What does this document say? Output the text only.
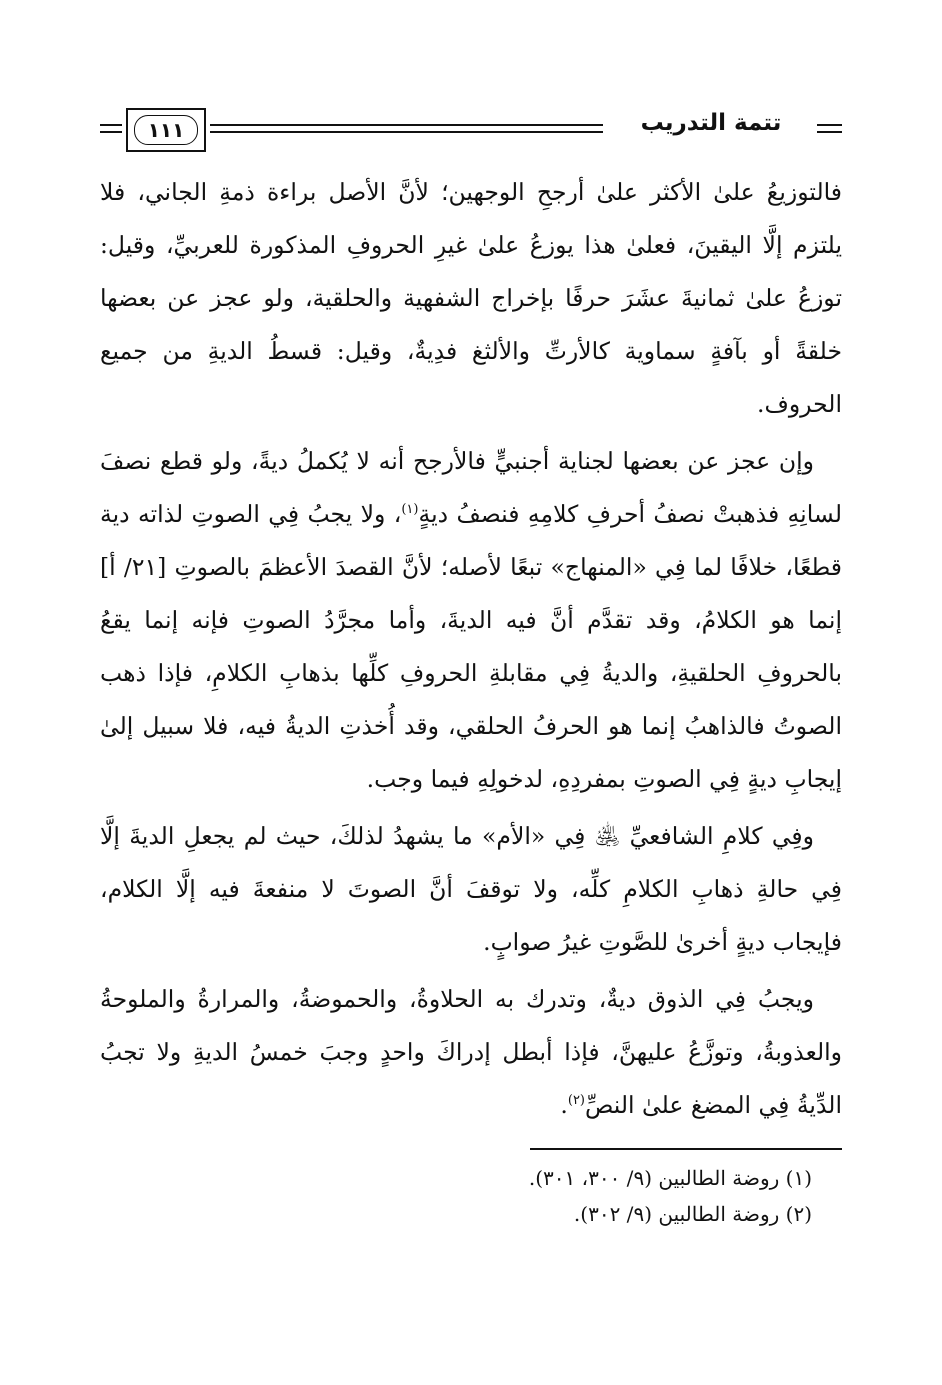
١١١	تتمة التدريب

فالتوزيعُ علىٰ الأكثر علىٰ أرجحِ الوجهين؛ لأنَّ الأصل براءة ذمةِ الجاني، فلا يلتزم إلَّا اليقينَ، فعلىٰ هذا يوزعُ علىٰ غيرِ الحروفِ المذكورة للعربيِّ، وقيل: توزعُ علىٰ ثمانيةَ عشَرَ حرفًا بإخراج الشفهية والحلقية، ولو عجز عن بعضها خلقةً أو بآفةٍ سماوية كالأرتِّ والألثغ فدِيةٌ، وقيل: قسطُ الديةِ من جميع الحروف.

وإن عجز عن بعضها لجناية أجنبيٍّ فالأرجح أنه لا يُكملُ ديةً، ولو قطع نصفَ لسانِهِ فذهبتْ نصفُ أحرفِ كلامِهِ فنصفُ ديةٍ$^{(١)}$، ولا يجبُ فِي الصوتِ لذاته دية قطعًا، خلافًا لما فِي «المنهاج» تبعًا لأصله؛ لأنَّ القصدَ الأعظمَ بالصوتِ [٢١/ أ] إنما هو الكلامُ، وقد تقدَّم أنَّ فيه الديةَ، وأما مجرَّدُ الصوتِ فإنه إنما يقعُ بالحروفِ الحلقيةِ، والديةُ فِي مقابلةِ الحروفِ كلِّها بذهابِ الكلامِ، فإذا ذهب الصوتُ فالذاهبُ إنما هو الحرفُ الحلقي، وقد أُخذتِ الديةُ فيه، فلا سبيل إلىٰ إيجابِ ديةٍ فِي الصوتِ بمفردِهِ، لدخولِهِ فيما وجب.

وفِي كلامِ الشافعيِّ ﵁ فِي «الأم» ما يشهدُ لذلكَ، حيث لم يجعلِ الديةَ إلَّا فِي حالةِ ذهابِ الكلامِ كلِّه، ولا توقفَ أنَّ الصوتَ لا منفعةَ فيه إلَّا الكلام، فإيجاب ديةٍ أخرىٰ للصَّوتِ غيرُ صوابٍ.

ويجبُ فِي الذوق ديةٌ، وتدرك به الحلاوةُ، والحموضةُ، والمرارةُ والملوحةُ والعذوبةُ، وتوزَّعُ عليهنَّ، فإذا أبطل إدراكَ واحدٍ وجبَ خمسُ الديةِ ولا تجبُ الدِّيةُ فِي المضغ علىٰ النصِّ$^{(٢)}$.

(١) روضة الطالبين (٩/ ٣٠٠، ٣٠١).

(٢) روضة الطالبين (٩/ ٣٠٢).
